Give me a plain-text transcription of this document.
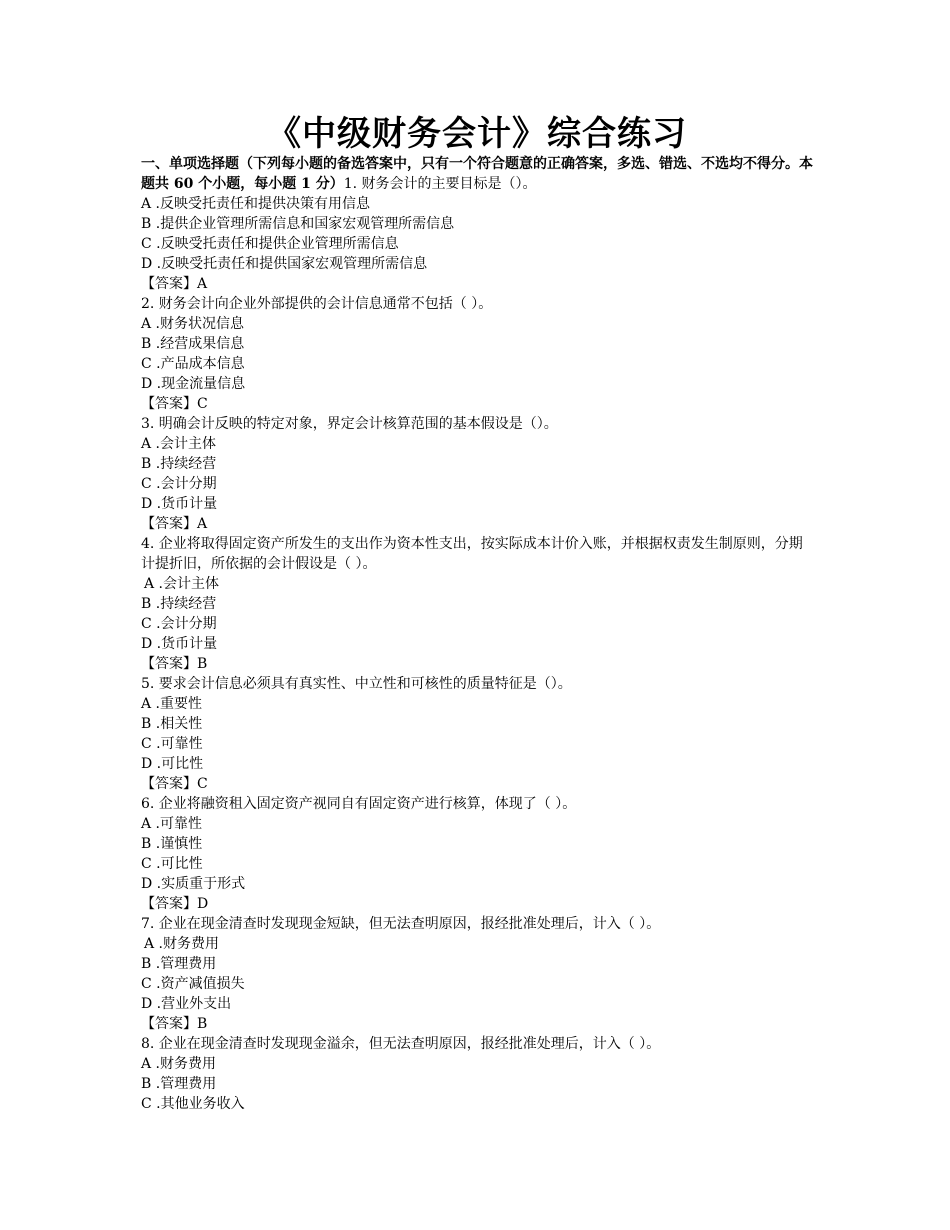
《中级财务会计》综合练习

一、单项选择题（下列每小题的备选答案中，只有一个符合题意的正确答案，多选、错选、不选均不得分。本题共 60 个小题，每小题 1 分）1. 财务会计的主要目标是（）。

A .反映受托责任和提供决策有用信息

B .提供企业管理所需信息和国家宏观管理所需信息

C .反映受托责任和提供企业管理所需信息

D .反映受托责任和提供国家宏观管理所需信息

【答案】A

2. 财务会计向企业外部提供的会计信息通常不包括（ ）。

A .财务状况信息

B .经营成果信息

C .产品成本信息

D .现金流量信息

【答案】C

3. 明确会计反映的特定对象，界定会计核算范围的基本假设是（）。

A .会计主体

B .持续经营

C .会计分期

D .货币计量

【答案】A

4. 企业将取得固定资产所发生的支出作为资本性支出，按实际成本计价入账，并根据权责发生制原则，分期计提折旧，所依据的会计假设是（ ）。

A .会计主体

B .持续经营

C .会计分期

D .货币计量

【答案】B

5. 要求会计信息必须具有真实性、中立性和可核性的质量特征是（）。

A .重要性

B .相关性

C .可靠性

D .可比性

【答案】C

6. 企业将融资租入固定资产视同自有固定资产进行核算，体现了（ ）。

A .可靠性

B .谨慎性

C .可比性

D .实质重于形式

【答案】D

7. 企业在现金清查时发现现金短缺，但无法查明原因，报经批准处理后，计入（ ）。

A .财务费用

B .管理费用

C .资产减值损失

D .营业外支出

【答案】B

8. 企业在现金清查时发现现金溢余，但无法查明原因，报经批准处理后，计入（ ）。

A .财务费用

B .管理费用

C .其他业务收入
